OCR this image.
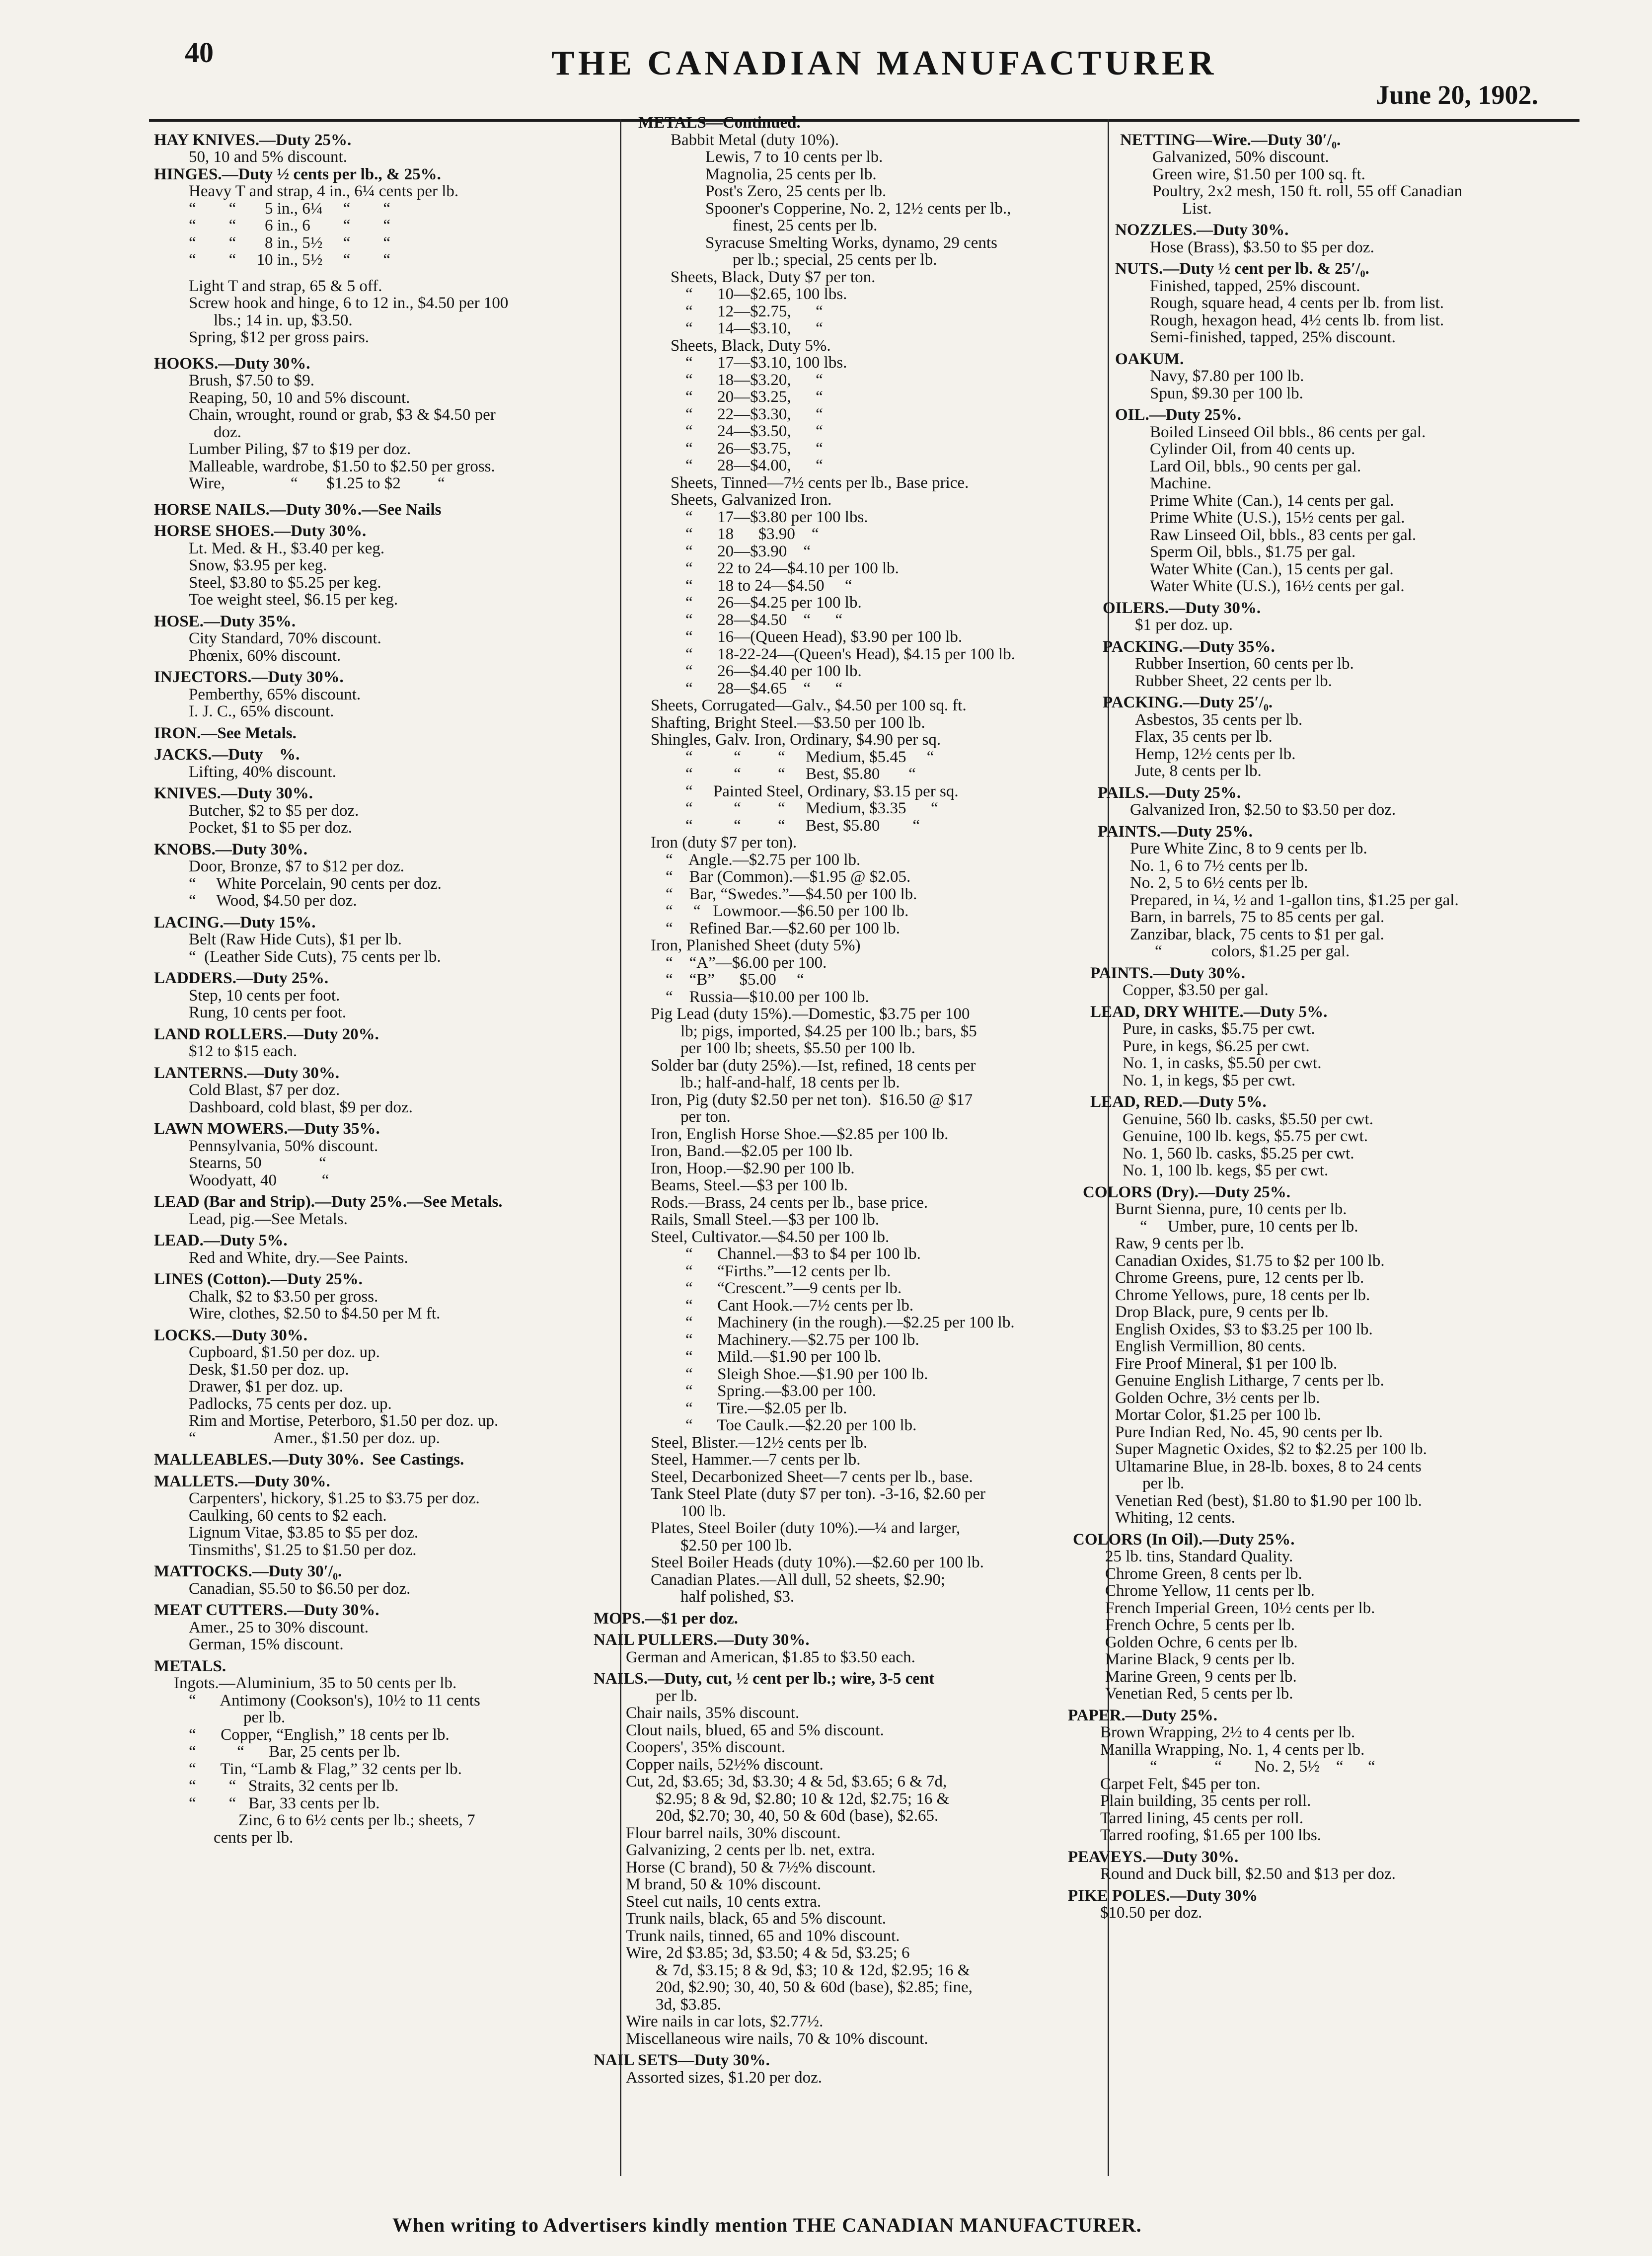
40	THE CANADIAN MANUFACTURER
June 20, 1902.
HAY KNIVES.—Duty 25%.
50, 10 and 5% discount.
HINGES.—Duty ½ cents per lb., & 25%.
Heavy T and strap, 4 in., 6¼ cents per lb.
“        “       5 in., 6¼     “        “
“        “       6 in., 6        “        “
“        “       8 in., 5½     “        “
“        “     10 in., 5½     “        “
Light T and strap, 65 & 5 off.
Screw hook and hinge, 6 to 12 in., $4.50 per 100
lbs.; 14 in. up, $3.50.
Spring, $12 per gross pairs.
HOOKS.—Duty 30%.
Brush, $7.50 to $9.
Reaping, 50, 10 and 5% discount.
Chain, wrought, round or grab, $3 & $4.50 per
doz.
Lumber Piling, $7 to $19 per doz.
Malleable, wardrobe, $1.50 to $2.50 per gross.
Wire,                “       $1.25 to $2         “
HORSE NAILS.—Duty 30%.—See Nails
HORSE SHOES.—Duty 30%.
Lt. Med. & H., $3.40 per keg.
Snow, $3.95 per keg.
Steel, $3.80 to $5.25 per keg.
Toe weight steel, $6.15 per keg.
HOSE.—Duty 35%.
City Standard, 70% discount.
Phœnix, 60% discount.
INJECTORS.—Duty 30%.
Pemberthy, 65% discount.
I. J. C., 65% discount.
IRON.—See Metals.
JACKS.—Duty    %.
Lifting, 40% discount.
KNIVES.—Duty 30%.
Butcher, $2 to $5 per doz.
Pocket, $1 to $5 per doz.
KNOBS.—Duty 30%.
Door, Bronze, $7 to $12 per doz.
“     White Porcelain, 90 cents per doz.
“     Wood, $4.50 per doz.
LACING.—Duty 15%.
Belt (Raw Hide Cuts), $1 per lb.
“  (Leather Side Cuts), 75 cents per lb.
LADDERS.—Duty 25%.
Step, 10 cents per foot.
Rung, 10 cents per foot.
LAND ROLLERS.—Duty 20%.
$12 to $15 each.
LANTERNS.—Duty 30%.
Cold Blast, $7 per doz.
Dashboard, cold blast, $9 per doz.
LAWN MOWERS.—Duty 35%.
Pennsylvania, 50% discount.
Stearns, 50              “
Woodyatt, 40           “
LEAD (Bar and Strip).—Duty 25%.—See Metals.
Lead, pig.—See Metals.
LEAD.—Duty 5%.
Red and White, dry.—See Paints.
LINES (Cotton).—Duty 25%.
Chalk, $2 to $3.50 per gross.
Wire, clothes, $2.50 to $4.50 per M ft.
LOCKS.—Duty 30%.
Cupboard, $1.50 per doz. up.
Desk, $1.50 per doz. up.
Drawer, $1 per doz. up.
Padlocks, 75 cents per doz. up.
Rim and Mortise, Peterboro, $1.50 per doz. up.
“                   Amer., $1.50 per doz. up.
MALLEABLES.—Duty 30%.  See Castings.
MALLETS.—Duty 30%.
Carpenters', hickory, $1.25 to $3.75 per doz.
Caulking, 60 cents to $2 each.
Lignum Vitae, $3.85 to $5 per doz.
Tinsmiths', $1.25 to $1.50 per doz.
MATTOCKS.—Duty 30′/₀.
Canadian, $5.50 to $6.50 per doz.
MEAT CUTTERS.—Duty 30%.
Amer., 25 to 30% discount.
German, 15% discount.
METALS.
Ingots.—Aluminium, 35 to 50 cents per lb.
“      Antimony (Cookson's), 10½ to 11 cents
per lb.
“      Copper, “English,” 18 cents per lb.
“          “      Bar, 25 cents per lb.
“      Tin, “Lamb & Flag,” 32 cents per lb.
“        “   Straits, 32 cents per lb.
“        “   Bar, 33 cents per lb.
Zinc, 6 to 6½ cents per lb.; sheets, 7
cents per lb.
METALS—Continued.
Babbit Metal (duty 10%).
Lewis, 7 to 10 cents per lb.
Magnolia, 25 cents per lb.
Post's Zero, 25 cents per lb.
Spooner's Copperine, No. 2, 12½ cents per lb.,
finest, 25 cents per lb.
Syracuse Smelting Works, dynamo, 29 cents
per lb.; special, 25 cents per lb.
Sheets, Black, Duty $7 per ton.
“      10—$2.65, 100 lbs.
“      12—$2.75,      “
“      14—$3.10,      “
Sheets, Black, Duty 5%.
“      17—$3.10, 100 lbs.
“      18—$3.20,      “
“      20—$3.25,      “
“      22—$3.30,      “
“      24—$3.50,      “
“      26—$3.75,      “
“      28—$4.00,      “
Sheets, Tinned—7½ cents per lb., Base price.
Sheets, Galvanized Iron.
“      17—$3.80 per 100 lbs.
“      18      $3.90    “
“      20—$3.90    “
“      22 to 24—$4.10 per 100 lb.
“      18 to 24—$4.50     “
“      26—$4.25 per 100 lb.
“      28—$4.50    “      “
“      16—(Queen Head), $3.90 per 100 lb.
“      18-22-24—(Queen's Head), $4.15 per 100 lb.
“      26—$4.40 per 100 lb.
“      28—$4.65    “      “
Sheets, Corrugated—Galv., $4.50 per 100 sq. ft.
Shafting, Bright Steel.—$3.50 per 100 lb.
Shingles, Galv. Iron, Ordinary, $4.90 per sq.
“          “         “     Medium, $5.45     “
“          “         “     Best, $5.80       “
“     Painted Steel, Ordinary, $3.15 per sq.
“          “         “     Medium, $3.35      “
“          “         “     Best, $5.80        “
Iron (duty $7 per ton).
“    Angle.—$2.75 per 100 lb.
“    Bar (Common).—$1.95 @ $2.05.
“    Bar, “Swedes.”—$4.50 per 100 lb.
“     “   Lowmoor.—$6.50 per 100 lb.
“    Refined Bar.—$2.60 per 100 lb.
Iron, Planished Sheet (duty 5%)
“    “A”—$6.00 per 100.
“    “B”      $5.00     “
“    Russia—$10.00 per 100 lb.
Pig Lead (duty 15%).—Domestic, $3.75 per 100
lb; pigs, imported, $4.25 per 100 lb.; bars, $5
per 100 lb; sheets, $5.50 per 100 lb.
Solder bar (duty 25%).—Ist, refined, 18 cents per
lb.; half-and-half, 18 cents per lb.
Iron, Pig (duty $2.50 per net ton).  $16.50 @ $17
per ton.
Iron, English Horse Shoe.—$2.85 per 100 lb.
Iron, Band.—$2.05 per 100 lb.
Iron, Hoop.—$2.90 per 100 lb.
Beams, Steel.—$3 per 100 lb.
Rods.—Brass, 24 cents per lb., base price.
Rails, Small Steel.—$3 per 100 lb.
Steel, Cultivator.—$4.50 per 100 lb.
“      Channel.—$3 to $4 per 100 lb.
“      “Firths.”—12 cents per lb.
“      “Crescent.”—9 cents per lb.
“      Cant Hook.—7½ cents per lb.
“      Machinery (in the rough).—$2.25 per 100 lb.
“      Machinery.—$2.75 per 100 lb.
“      Mild.—$1.90 per 100 lb.
“      Sleigh Shoe.—$1.90 per 100 lb.
“      Spring.—$3.00 per 100.
“      Tire.—$2.05 per lb.
“      Toe Caulk.—$2.20 per 100 lb.
Steel, Blister.—12½ cents per lb.
Steel, Hammer.—7 cents per lb.
Steel, Decarbonized Sheet—7 cents per lb., base.
Tank Steel Plate (duty $7 per ton). -3-16, $2.60 per
100 lb.
Plates, Steel Boiler (duty 10%).—¼ and larger,
$2.50 per 100 lb.
Steel Boiler Heads (duty 10%).—$2.60 per 100 lb.
Canadian Plates.—All dull, 52 sheets, $2.90;
half polished, $3.
MOPS.—$1 per doz.
NAIL PULLERS.—Duty 30%.
German and American, $1.85 to $3.50 each.
NAILS.—Duty, cut, ½ cent per lb.; wire, 3-5 cent
per lb.
Chair nails, 35% discount.
Clout nails, blued, 65 and 5% discount.
Coopers', 35% discount.
Copper nails, 52½% discount.
Cut, 2d, $3.65; 3d, $3.30; 4 & 5d, $3.65; 6 & 7d,
$2.95; 8 & 9d, $2.80; 10 & 12d, $2.75; 16 &
20d, $2.70; 30, 40, 50 & 60d (base), $2.65.
Flour barrel nails, 30% discount.
Galvanizing, 2 cents per lb. net, extra.
Horse (C brand), 50 & 7½% discount.
M brand, 50 & 10% discount.
Steel cut nails, 10 cents extra.
Trunk nails, black, 65 and 5% discount.
Trunk nails, tinned, 65 and 10% discount.
Wire, 2d $3.85; 3d, $3.50; 4 & 5d, $3.25; 6
& 7d, $3.15; 8 & 9d, $3; 10 & 12d, $2.95; 16 &
20d, $2.90; 30, 40, 50 & 60d (base), $2.85; fine,
3d, $3.85.
Wire nails in car lots, $2.77½.
Miscellaneous wire nails, 70 & 10% discount.
NAIL SETS—Duty 30%.
Assorted sizes, $1.20 per doz.
NETTING—Wire.—Duty 30′/₀.
Galvanized, 50% discount.
Green wire, $1.50 per 100 sq. ft.
Poultry, 2x2 mesh, 150 ft. roll, 55 off Canadian
List.
NOZZLES.—Duty 30%.
Hose (Brass), $3.50 to $5 per doz.
NUTS.—Duty ½ cent per lb. & 25′/₀.
Finished, tapped, 25% discount.
Rough, square head, 4 cents per lb. from list.
Rough, hexagon head, 4½ cents lb. from list.
Semi-finished, tapped, 25% discount.
OAKUM.
Navy, $7.80 per 100 lb.
Spun, $9.30 per 100 lb.
OIL.—Duty 25%.
Boiled Linseed Oil bbls., 86 cents per gal.
Cylinder Oil, from 40 cents up.
Lard Oil, bbls., 90 cents per gal.
Machine.
Prime White (Can.), 14 cents per gal.
Prime White (U.S.), 15½ cents per gal.
Raw Linseed Oil, bbls., 83 cents per gal.
Sperm Oil, bbls., $1.75 per gal.
Water White (Can.), 15 cents per gal.
Water White (U.S.), 16½ cents per gal.
OILERS.—Duty 30%.
$1 per doz. up.
PACKING.—Duty 35%.
Rubber Insertion, 60 cents per lb.
Rubber Sheet, 22 cents per lb.
PACKING.—Duty 25′/₀.
Asbestos, 35 cents per lb.
Flax, 35 cents per lb.
Hemp, 12½ cents per lb.
Jute, 8 cents per lb.
PAILS.—Duty 25%.
Galvanized Iron, $2.50 to $3.50 per doz.
PAINTS.—Duty 25%.
Pure White Zinc, 8 to 9 cents per lb.
No. 1, 6 to 7½ cents per lb.
No. 2, 5 to 6½ cents per lb.
Prepared, in ¼, ½ and 1-gallon tins, $1.25 per gal.
Barn, in barrels, 75 to 85 cents per gal.
Zanzibar, black, 75 cents to $1 per gal.
“            colors, $1.25 per gal.
PAINTS.—Duty 30%.
Copper, $3.50 per gal.
LEAD, DRY WHITE.—Duty 5%.
Pure, in casks, $5.75 per cwt.
Pure, in kegs, $6.25 per cwt.
No. 1, in casks, $5.50 per cwt.
No. 1, in kegs, $5 per cwt.
LEAD, RED.—Duty 5%.
Genuine, 560 lb. casks, $5.50 per cwt.
Genuine, 100 lb. kegs, $5.75 per cwt.
No. 1, 560 lb. casks, $5.25 per cwt.
No. 1, 100 lb. kegs, $5 per cwt.
COLORS (Dry).—Duty 25%.
Burnt Sienna, pure, 10 cents per lb.
“     Umber, pure, 10 cents per lb.
Raw, 9 cents per lb.
Canadian Oxides, $1.75 to $2 per 100 lb.
Chrome Greens, pure, 12 cents per lb.
Chrome Yellows, pure, 18 cents per lb.
Drop Black, pure, 9 cents per lb.
English Oxides, $3 to $3.25 per 100 lb.
English Vermillion, 80 cents.
Fire Proof Mineral, $1 per 100 lb.
Genuine English Litharge, 7 cents per lb.
Golden Ochre, 3½ cents per lb.
Mortar Color, $1.25 per 100 lb.
Pure Indian Red, No. 45, 90 cents per lb.
Super Magnetic Oxides, $2 to $2.25 per 100 lb.
Ultamarine Blue, in 28-lb. boxes, 8 to 24 cents
per lb.
Venetian Red (best), $1.80 to $1.90 per 100 lb.
Whiting, 12 cents.
COLORS (In Oil).—Duty 25%.
25 lb. tins, Standard Quality.
Chrome Green, 8 cents per lb.
Chrome Yellow, 11 cents per lb.
French Imperial Green, 10½ cents per lb.
French Ochre, 5 cents per lb.
Golden Ochre, 6 cents per lb.
Marine Black, 9 cents per lb.
Marine Green, 9 cents per lb.
Venetian Red, 5 cents per lb.
PAPER.—Duty 25%.
Brown Wrapping, 2½ to 4 cents per lb.
Manilla Wrapping, No. 1, 4 cents per lb.
“              “        No. 2, 5½    “      “
Carpet Felt, $45 per ton.
Plain building, 35 cents per roll.
Tarred lining, 45 cents per roll.
Tarred roofing, $1.65 per 100 lbs.
PEAVEYS.—Duty 30%.
Round and Duck bill, $2.50 and $13 per doz.
PIKE POLES.—Duty 30%
$10.50 per doz.
When writing to Advertisers kindly mention THE CANADIAN MANUFACTURER.
